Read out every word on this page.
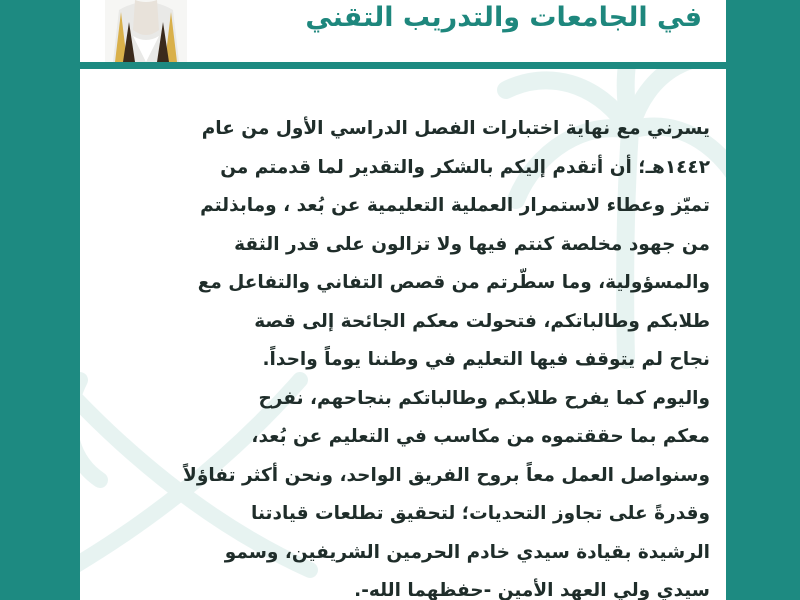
في الجامعات والتدريب التقني
يسرني مع نهاية اختبارات الفصل الدراسي الأول من عام
١٤٤٢هـ؛ أن أتقدم إليكم بالشكر والتقدير لما قدمتم من
تميّز وعطاء لاستمرار العملية التعليمية عن بُعد ، ومابذلتم
من جهود مخلصة كنتم فيها ولا تزالون على قدر الثقة
والمسؤولية، وما سطّرتم من قصص التفاني والتفاعل مع
طلابكم وطالباتكم، فتحولت معكم الجائحة إلى قصة
نجاح لم يتوقف فيها التعليم في وطننا يوماً واحداً.
واليوم كما يفرح طلابكم وطالباتكم بنجاحهم، نفرح
معكم بما حققتموه من مكاسب في التعليم عن بُعد،
وسنواصل العمل معاً بروح الفريق الواحد، ونحن أكثر تفاؤلاً
وقدرةً على تجاوز التحديات؛ لتحقيق تطلعات قيادتنا
الرشيدة بقيادة سيدي خادم الحرمين الشريفين، وسمو
سيدي ولي العهد الأمين -حفظهما الله-.
